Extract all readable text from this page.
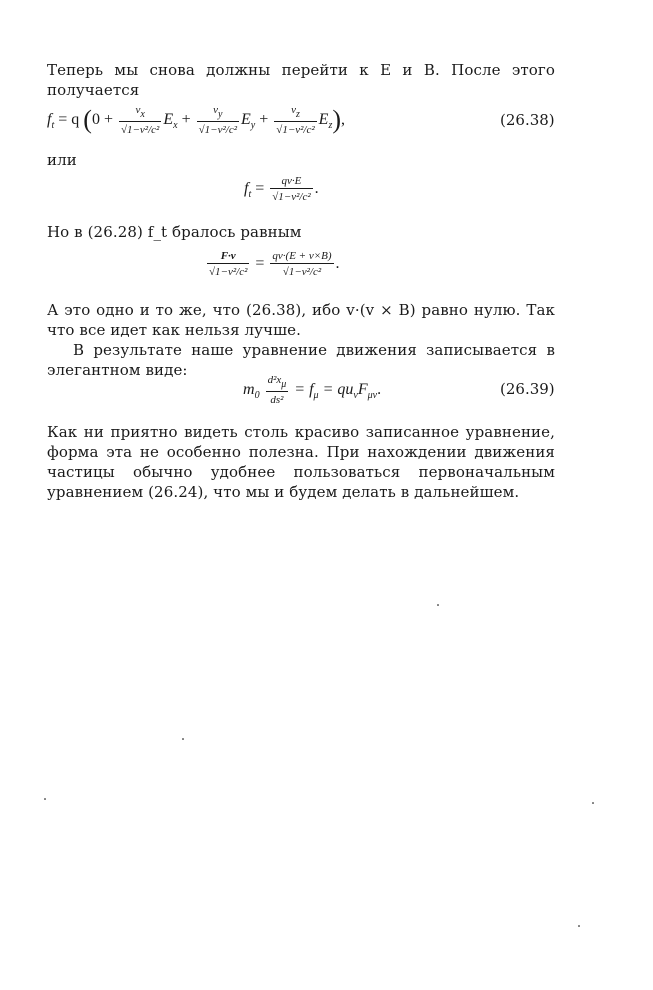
Теперь мы снова должны перейти к E и B. После этого получается
$f_t = q$ $(0 + \frac{vx}{\text{√1−v²/c²}} E_x + \frac{vy}{\text{√1−v²/c²}} E_y + \frac{vz}{\text{√1−v²/c²}} E_z)$,	(26.38)
или
$f_t = \frac{qv\cdot E}{\text{√1−v²/c²}}$ .
Но в (26.28) f_t бралось равным
$\frac{F\cdot v}{\text{√1−v²/c²}} = \frac{qv\cdot(E + v\times B)}{\text{√1−v²/c²}}$ .
А это одно и то же, что (26.38), ибо v·(v × B) равно нулю. Так что все идет как нельзя лучше.
В результате наше уравнение движения записывается в элегантном виде:
$m_0 \frac{\text{d²xμ}}{\text{ds²}} = f_\mu = qu_\nu F_{\mu\nu}$.	(26.39)
Как ни приятно видеть столь красиво записанное уравнение, форма эта не особенно полезна. При нахождении движения частицы обычно удобнее пользоваться первоначальным уравнением (26.24), что мы и будем делать в дальнейшем.
